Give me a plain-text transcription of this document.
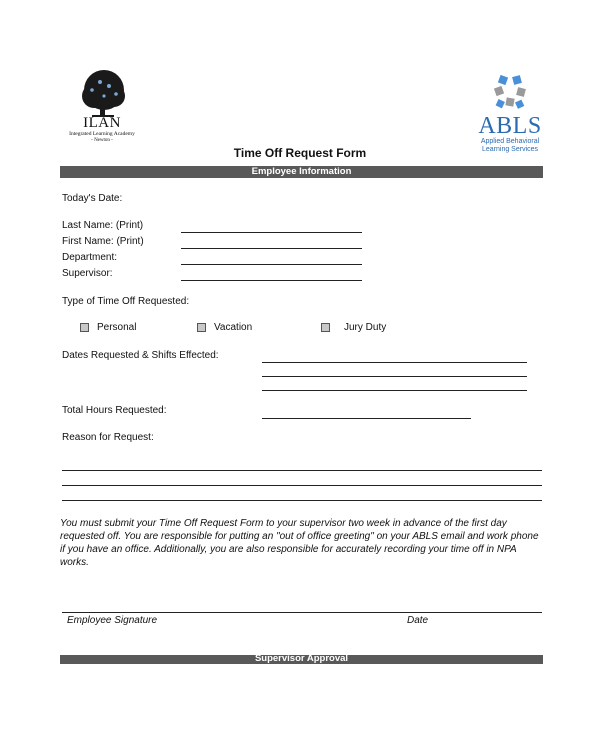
ILAN
Integrated Learning Academy
- Newton -
ABLS
Applied Behavioral
Learning Services
Time Off Request Form
Employee Information
Today's Date:
Last Name: (Print)
First Name: (Print)
Department:
Supervisor:
Type of Time Off Requested:
Personal	Vacation	Jury Duty
Dates Requested & Shifts Effected:
Total Hours Requested:
Reason for Request:
You must submit your Time Off Request Form to your supervisor two week in advance of the first day requested off. You are responsible for putting an "out of office greeting" on your ABLS email and work phone if you have an office. Additionally, you are also responsible for accurately recording your time off in NPA works.
Employee Signature	Date
Supervisor Approval
